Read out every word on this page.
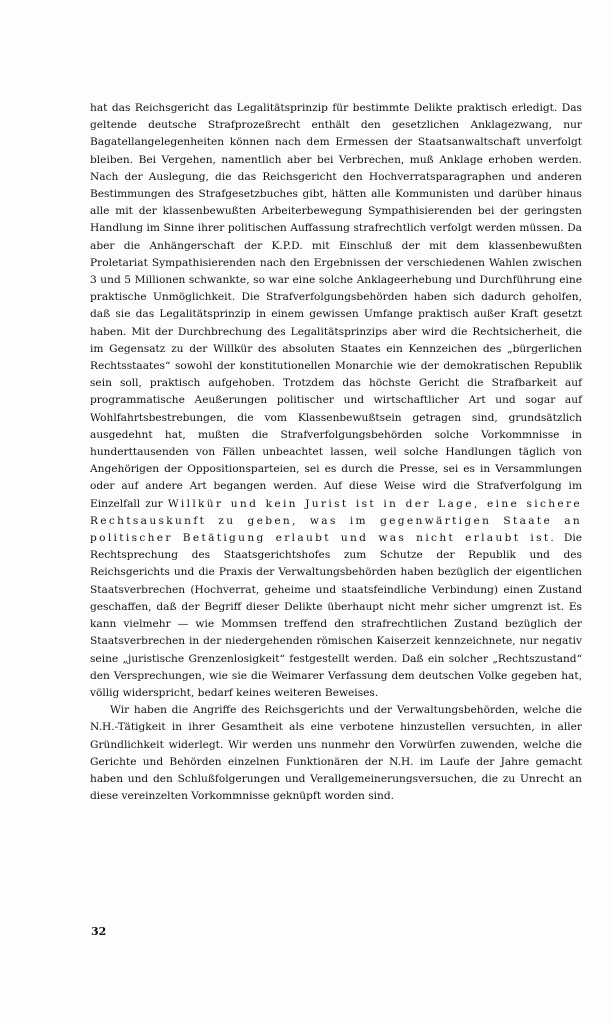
hat das Reichsgericht das Legalitätsprinzip für bestimmte Delikte praktisch erledigt. Das geltende deutsche Strafprozeßrecht enthält den gesetzlichen Anklagezwang, nur Bagatellangelegenheiten können nach dem Ermessen der Staatsanwaltschaft unverfolgt bleiben. Bei Vergehen, namentlich aber bei Verbrechen, muß Anklage erhoben werden. Nach der Auslegung, die das Reichsgericht den Hochverratsparagraphen und anderen Bestimmungen des Strafgesetzbuches gibt, hätten alle Kommunisten und darüber hinaus alle mit der klassenbewußten Arbeiterbewegung Sympathisierenden bei der geringsten Handlung im Sinne ihrer politischen Auffassung strafrechtlich verfolgt werden müssen. Da aber die Anhängerschaft der K.P.D. mit Einschluß der mit dem klassenbewußten Proletariat Sympathisierenden nach den Ergebnissen der verschiedenen Wahlen zwischen 3 und 5 Millionen schwankte, so war eine solche Anklageerhebung und Durchführung eine praktische Unmöglichkeit. Die Strafverfolgungsbehörden haben sich dadurch geholfen, daß sie das Legalitätsprinzip in einem gewissen Umfange praktisch außer Kraft gesetzt haben. Mit der Durchbrechung des Legalitätsprinzips aber wird die Rechtsicherheit, die im Gegensatz zu der Willkür des absoluten Staates ein Kennzeichen des „bürgerlichen Rechtsstaates“ sowohl der konstitutionellen Monarchie wie der demokratischen Republik sein soll, praktisch aufgehoben. Trotzdem das höchste Gericht die Strafbarkeit auf programmatische Aeußerungen politischer und wirtschaftlicher Art und sogar auf Wohlfahrtsbestrebungen, die vom Klassenbewußtsein getragen sind, grundsätzlich ausgedehnt hat, mußten die Strafverfolgungsbehörden solche Vorkommnisse in hunderttausenden von Fällen unbeachtet lassen, weil solche Handlungen täglich von Angehörigen der Oppositionsparteien, sei es durch die Presse, sei es in Versammlungen oder auf andere Art begangen werden. Auf diese Weise wird die Strafverfolgung im Einzelfall zur Willkür und kein Jurist ist in der Lage, eine sichere Rechtsauskunft zu geben, was im gegenwärtigen Staate an politischer Betätigung erlaubt und was nicht erlaubt ist. Die Rechtsprechung des Staatsgerichtshofes zum Schutze der Republik und des Reichsgerichts und die Praxis der Verwaltungsbehörden haben bezüglich der eigentlichen Staatsverbrechen (Hochverrat, geheime und staatsfeindliche Verbindung) einen Zustand geschaffen, daß der Begriff dieser Delikte überhaupt nicht mehr sicher umgrenzt ist. Es kann vielmehr — wie Mommsen treffend den strafrechtlichen Zustand bezüglich der Staatsverbrechen in der niedergehenden römischen Kaiserzeit kennzeichnete, nur negativ seine „juristische Grenzenlosigkeit“ festgestellt werden. Daß ein solcher „Rechtszustand“ den Versprechungen, wie sie die Weimarer Verfassung dem deutschen Volke gegeben hat, völlig widerspricht, bedarf keines weiteren Beweises.

Wir haben die Angriffe des Reichsgerichts und der Verwaltungsbehörden, welche die N.H.-Tätigkeit in ihrer Gesamtheit als eine verbotene hinzustellen versuchten, in aller Gründlichkeit widerlegt. Wir werden uns nunmehr den Vorwürfen zuwenden, welche die Gerichte und Behörden einzelnen Funktionären der N.H. im Laufe der Jahre gemacht haben und den Schlußfolgerungen und Verallgemeinerungsversuchen, die zu Unrecht an diese vereinzelten Vorkommnisse geknüpft worden sind.

32
